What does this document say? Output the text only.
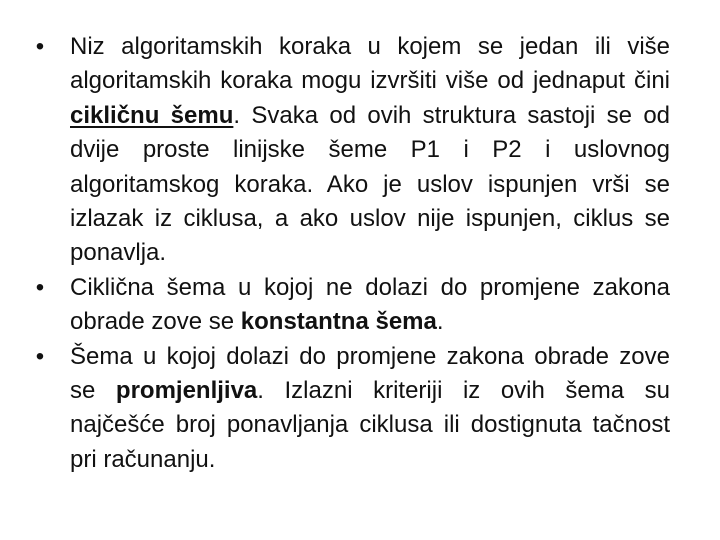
• Niz algoritamskih koraka u kojem se jedan ili više algoritamskih koraka mogu izvršiti više od jednaput čini cikličnu šemu. Svaka od ovih struktura sastoji se od dvije proste linijske šeme P1 i P2 i uslovnog algoritamskog koraka. Ako je uslov ispunjen vrši se izlazak iz ciklusa, a ako uslov nije ispunjen, ciklus se ponavlja.
• Ciklična šema u kojoj ne dolazi do promjene zakona obrade zove se konstantna šema.
• Šema u kojoj dolazi do promjene zakona obrade zove se promjenljiva. Izlazni kriteriji iz ovih šema su najčešće broj ponavljanja ciklusa ili dostignuta tačnost pri računanju.
